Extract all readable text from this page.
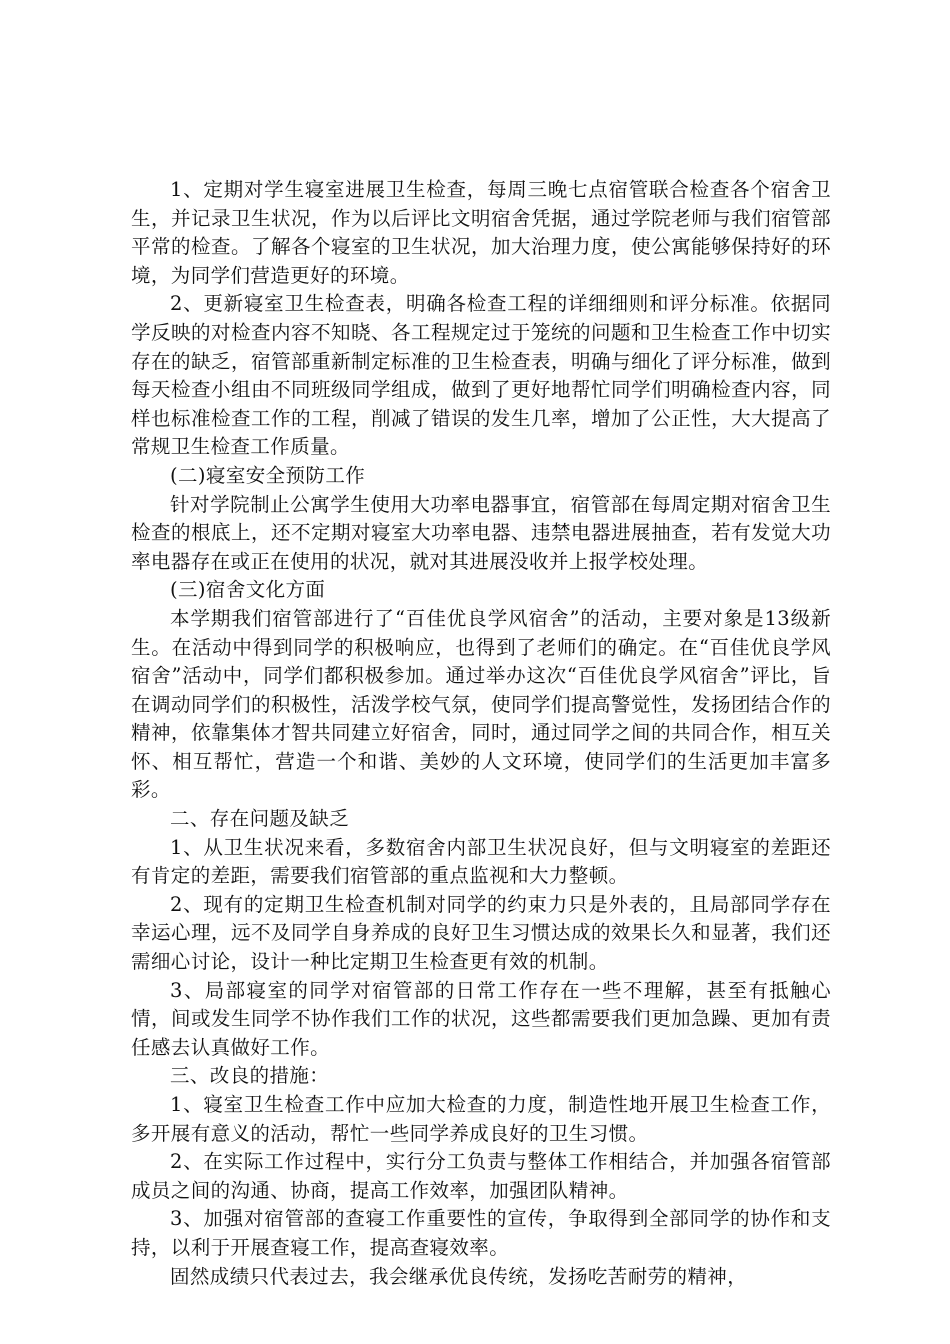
1、定期对学生寝室进展卫生检查，每周三晚七点宿管联合检查各个宿舍卫生，并记录卫生状况，作为以后评比文明宿舍凭据，通过学院老师与我们宿管部平常的检查。了解各个寝室的卫生状况，加大治理力度，使公寓能够保持好的环境，为同学们营造更好的环境。

2、更新寝室卫生检查表，明确各检查工程的详细细则和评分标准。依据同学反映的对检查内容不知晓、各工程规定过于笼统的问题和卫生检查工作中切实存在的缺乏，宿管部重新制定标准的卫生检查表，明确与细化了评分标准，做到每天检查小组由不同班级同学组成，做到了更好地帮忙同学们明确检查内容，同样也标准检查工作的工程，削减了错误的发生几率，增加了公正性，大大提高了常规卫生检查工作质量。

(二)寝室安全预防工作

针对学院制止公寓学生使用大功率电器事宜，宿管部在每周定期对宿舍卫生检查的根底上，还不定期对寝室大功率电器、违禁电器进展抽查，若有发觉大功率电器存在或正在使用的状况，就对其进展没收并上报学校处理。

(三)宿舍文化方面

本学期我们宿管部进行了“百佳优良学风宿舍”的活动，主要对象是13级新生。在活动中得到同学的积极响应，也得到了老师们的确定。在“百佳优良学风宿舍”活动中，同学们都积极参加。通过举办这次“百佳优良学风宿舍”评比，旨在调动同学们的积极性，活泼学校气氛，使同学们提高警觉性，发扬团结合作的精神，依靠集体才智共同建立好宿舍，同时，通过同学之间的共同合作，相互关怀、相互帮忙，营造一个和谐、美妙的人文环境，使同学们的生活更加丰富多彩。

二、存在问题及缺乏

1、从卫生状况来看，多数宿舍内部卫生状况良好，但与文明寝室的差距还有肯定的差距，需要我们宿管部的重点监视和大力整顿。

2、现有的定期卫生检查机制对同学的约束力只是外表的，且局部同学存在幸运心理，远不及同学自身养成的良好卫生习惯达成的效果长久和显著，我们还需细心讨论，设计一种比定期卫生检查更有效的机制。

3、局部寝室的同学对宿管部的日常工作存在一些不理解，甚至有抵触心情，间或发生同学不协作我们工作的状况，这些都需要我们更加急躁、更加有责任感去认真做好工作。

三、改良的措施：

1、寝室卫生检查工作中应加大检查的力度，制造性地开展卫生检查工作，多开展有意义的活动，帮忙一些同学养成良好的卫生习惯。

2、在实际工作过程中，实行分工负责与整体工作相结合，并加强各宿管部成员之间的沟通、协商，提高工作效率，加强团队精神。

3、加强对宿管部的查寝工作重要性的宣传，争取得到全部同学的协作和支持，以利于开展查寝工作，提高查寝效率。

固然成绩只代表过去，我会继承优良传统，发扬吃苦耐劳的精神，
